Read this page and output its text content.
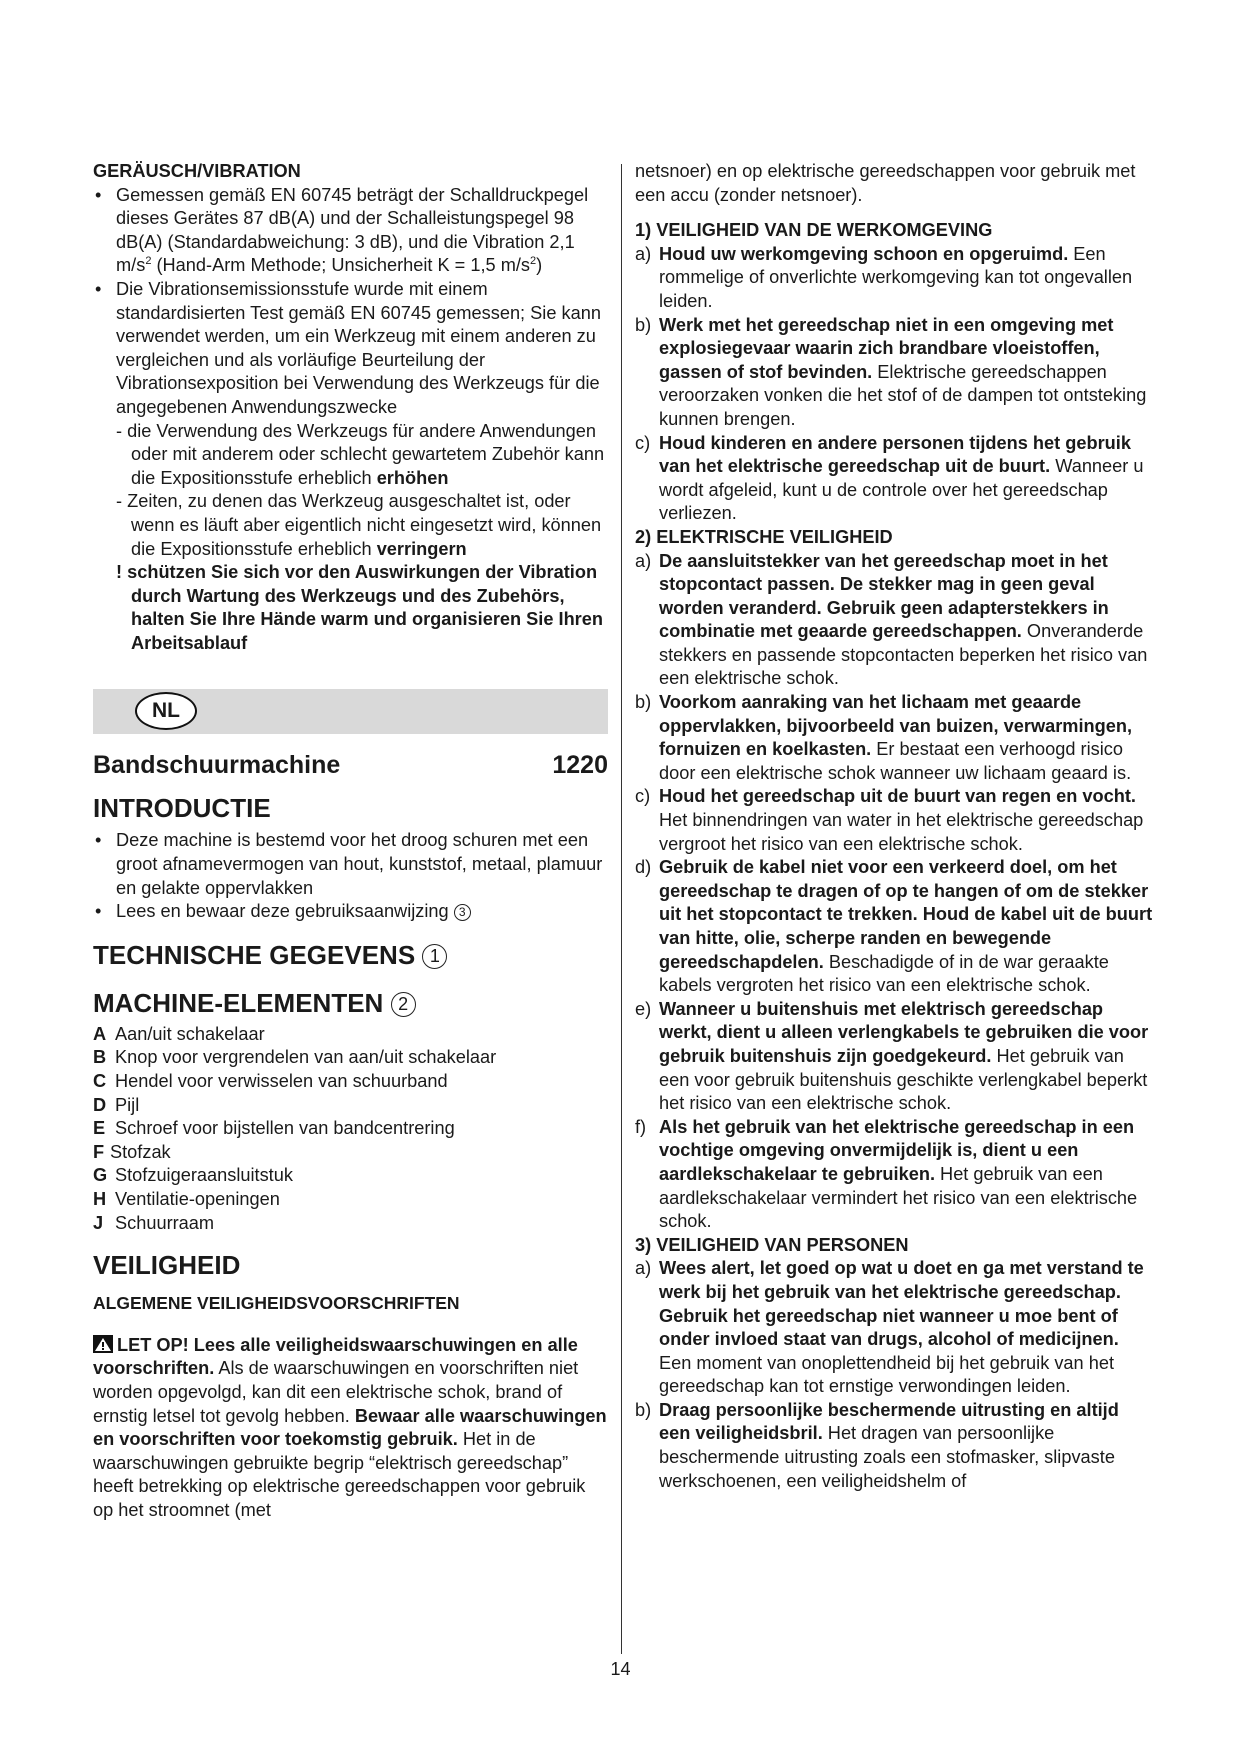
GERÄUSCH/VIBRATION

• Gemessen gemäß EN 60745 beträgt der Schalldruckpegel dieses Gerätes 87 dB(A) und der Schalleistungspegel 98 dB(A) (Standardabweichung: 3 dB), und die Vibration 2,1 $m/s^2$ (Hand-Arm Methode; Unsicherheit K = 1,5 $m/s^2$)

• Die Vibrationsemissionsstufe wurde mit einem standardisierten Test gemäß EN 60745 gemessen; Sie kann verwendet werden, um ein Werkzeug mit einem anderen zu vergleichen und als vorläufige Beurteilung der Vibrationsexposition bei Verwendung des Werkzeugs für die angegebenen Anwendungszwecke

- die Verwendung des Werkzeugs für andere Anwendungen oder mit anderem oder schlecht gewartetem Zubehör kann die Expositionsstufe erheblich erhöhen

- Zeiten, zu denen das Werkzeug ausgeschaltet ist, oder wenn es läuft aber eigentlich nicht eingesetzt wird, können die Expositionsstufe erheblich verringern

! schützen Sie sich vor den Auswirkungen der Vibration durch Wartung des Werkzeugs und des Zubehörs, halten Sie Ihre Hände warm und organisieren Sie Ihren Arbeitsablauf

NL
Bandschuurmachine	1220

INTRODUCTIE

• Deze machine is bestemd voor het droog schuren met een groot afnamevermogen van hout, kunststof, metaal, plamuur en gelakte oppervlakken

• Lees en bewaar deze gebruiksaanwijzing 3

TECHNISCHE GEGEVENS 1

MACHINE-ELEMENTEN 2

A Aan/uit schakelaar
B Knop voor vergrendelen van aan/uit schakelaar
C Hendel voor verwisselen van schuurband
D Pijl
E Schroef voor bijstellen van bandcentrering
F Stofzak
G Stofzuigeraansluitstuk
H Ventilatie-openingen
J Schuurraam

VEILIGHEID

ALGEMENE VEILIGHEIDSVOORSCHRIFTEN

LET OP! Lees alle veiligheidswaarschuwingen en alle voorschriften. Als de waarschuwingen en voorschriften niet worden opgevolgd, kan dit een elektrische schok, brand of ernstig letsel tot gevolg hebben. Bewaar alle waarschuwingen en voorschriften voor toekomstig gebruik. Het in de waarschuwingen gebruikte begrip “elektrisch gereedschap” heeft betrekking op elektrische gereedschappen voor gebruik op het stroomnet (met

netsnoer) en op elektrische gereedschappen voor gebruik met een accu (zonder netsnoer).

1) VEILIGHEID VAN DE WERKOMGEVING

a) Houd uw werkomgeving schoon en opgeruimd. Een rommelige of onverlichte werkomgeving kan tot ongevallen leiden.

b) Werk met het gereedschap niet in een omgeving met explosiegevaar waarin zich brandbare vloeistoffen, gassen of stof bevinden. Elektrische gereedschappen veroorzaken vonken die het stof of de dampen tot ontsteking kunnen brengen.

c) Houd kinderen en andere personen tijdens het gebruik van het elektrische gereedschap uit de buurt. Wanneer u wordt afgeleid, kunt u de controle over het gereedschap verliezen.

2) ELEKTRISCHE VEILIGHEID

a) De aansluitstekker van het gereedschap moet in het stopcontact passen. De stekker mag in geen geval worden veranderd. Gebruik geen adapterstekkers in combinatie met geaarde gereedschappen. Onveranderde stekkers en passende stopcontacten beperken het risico van een elektrische schok.

b) Voorkom aanraking van het lichaam met geaarde oppervlakken, bijvoorbeeld van buizen, verwarmingen, fornuizen en koelkasten. Er bestaat een verhoogd risico door een elektrische schok wanneer uw lichaam geaard is.

c) Houd het gereedschap uit de buurt van regen en vocht. Het binnendringen van water in het elektrische gereedschap vergroot het risico van een elektrische schok.

d) Gebruik de kabel niet voor een verkeerd doel, om het gereedschap te dragen of op te hangen of om de stekker uit het stopcontact te trekken. Houd de kabel uit de buurt van hitte, olie, scherpe randen en bewegende gereedschapdelen. Beschadigde of in de war geraakte kabels vergroten het risico van een elektrische schok.

e) Wanneer u buitenshuis met elektrisch gereedschap werkt, dient u alleen verlengkabels te gebruiken die voor gebruik buitenshuis zijn goedgekeurd. Het gebruik van een voor gebruik buitenshuis geschikte verlengkabel beperkt het risico van een elektrische schok.

f) Als het gebruik van het elektrische gereedschap in een vochtige omgeving onvermijdelijk is, dient u een aardlekschakelaar te gebruiken. Het gebruik van een aardlekschakelaar vermindert het risico van een elektrische schok.

3) VEILIGHEID VAN PERSONEN

a) Wees alert, let goed op wat u doet en ga met verstand te werk bij het gebruik van het elektrische gereedschap. Gebruik het gereedschap niet wanneer u moe bent of onder invloed staat van drugs, alcohol of medicijnen. Een moment van onoplettendheid bij het gebruik van het gereedschap kan tot ernstige verwondingen leiden.

b) Draag persoonlijke beschermende uitrusting en altijd een veiligheidsbril. Het dragen van persoonlijke beschermende uitrusting zoals een stofmasker, slipvaste werkschoenen, een veiligheidshelm of

14
